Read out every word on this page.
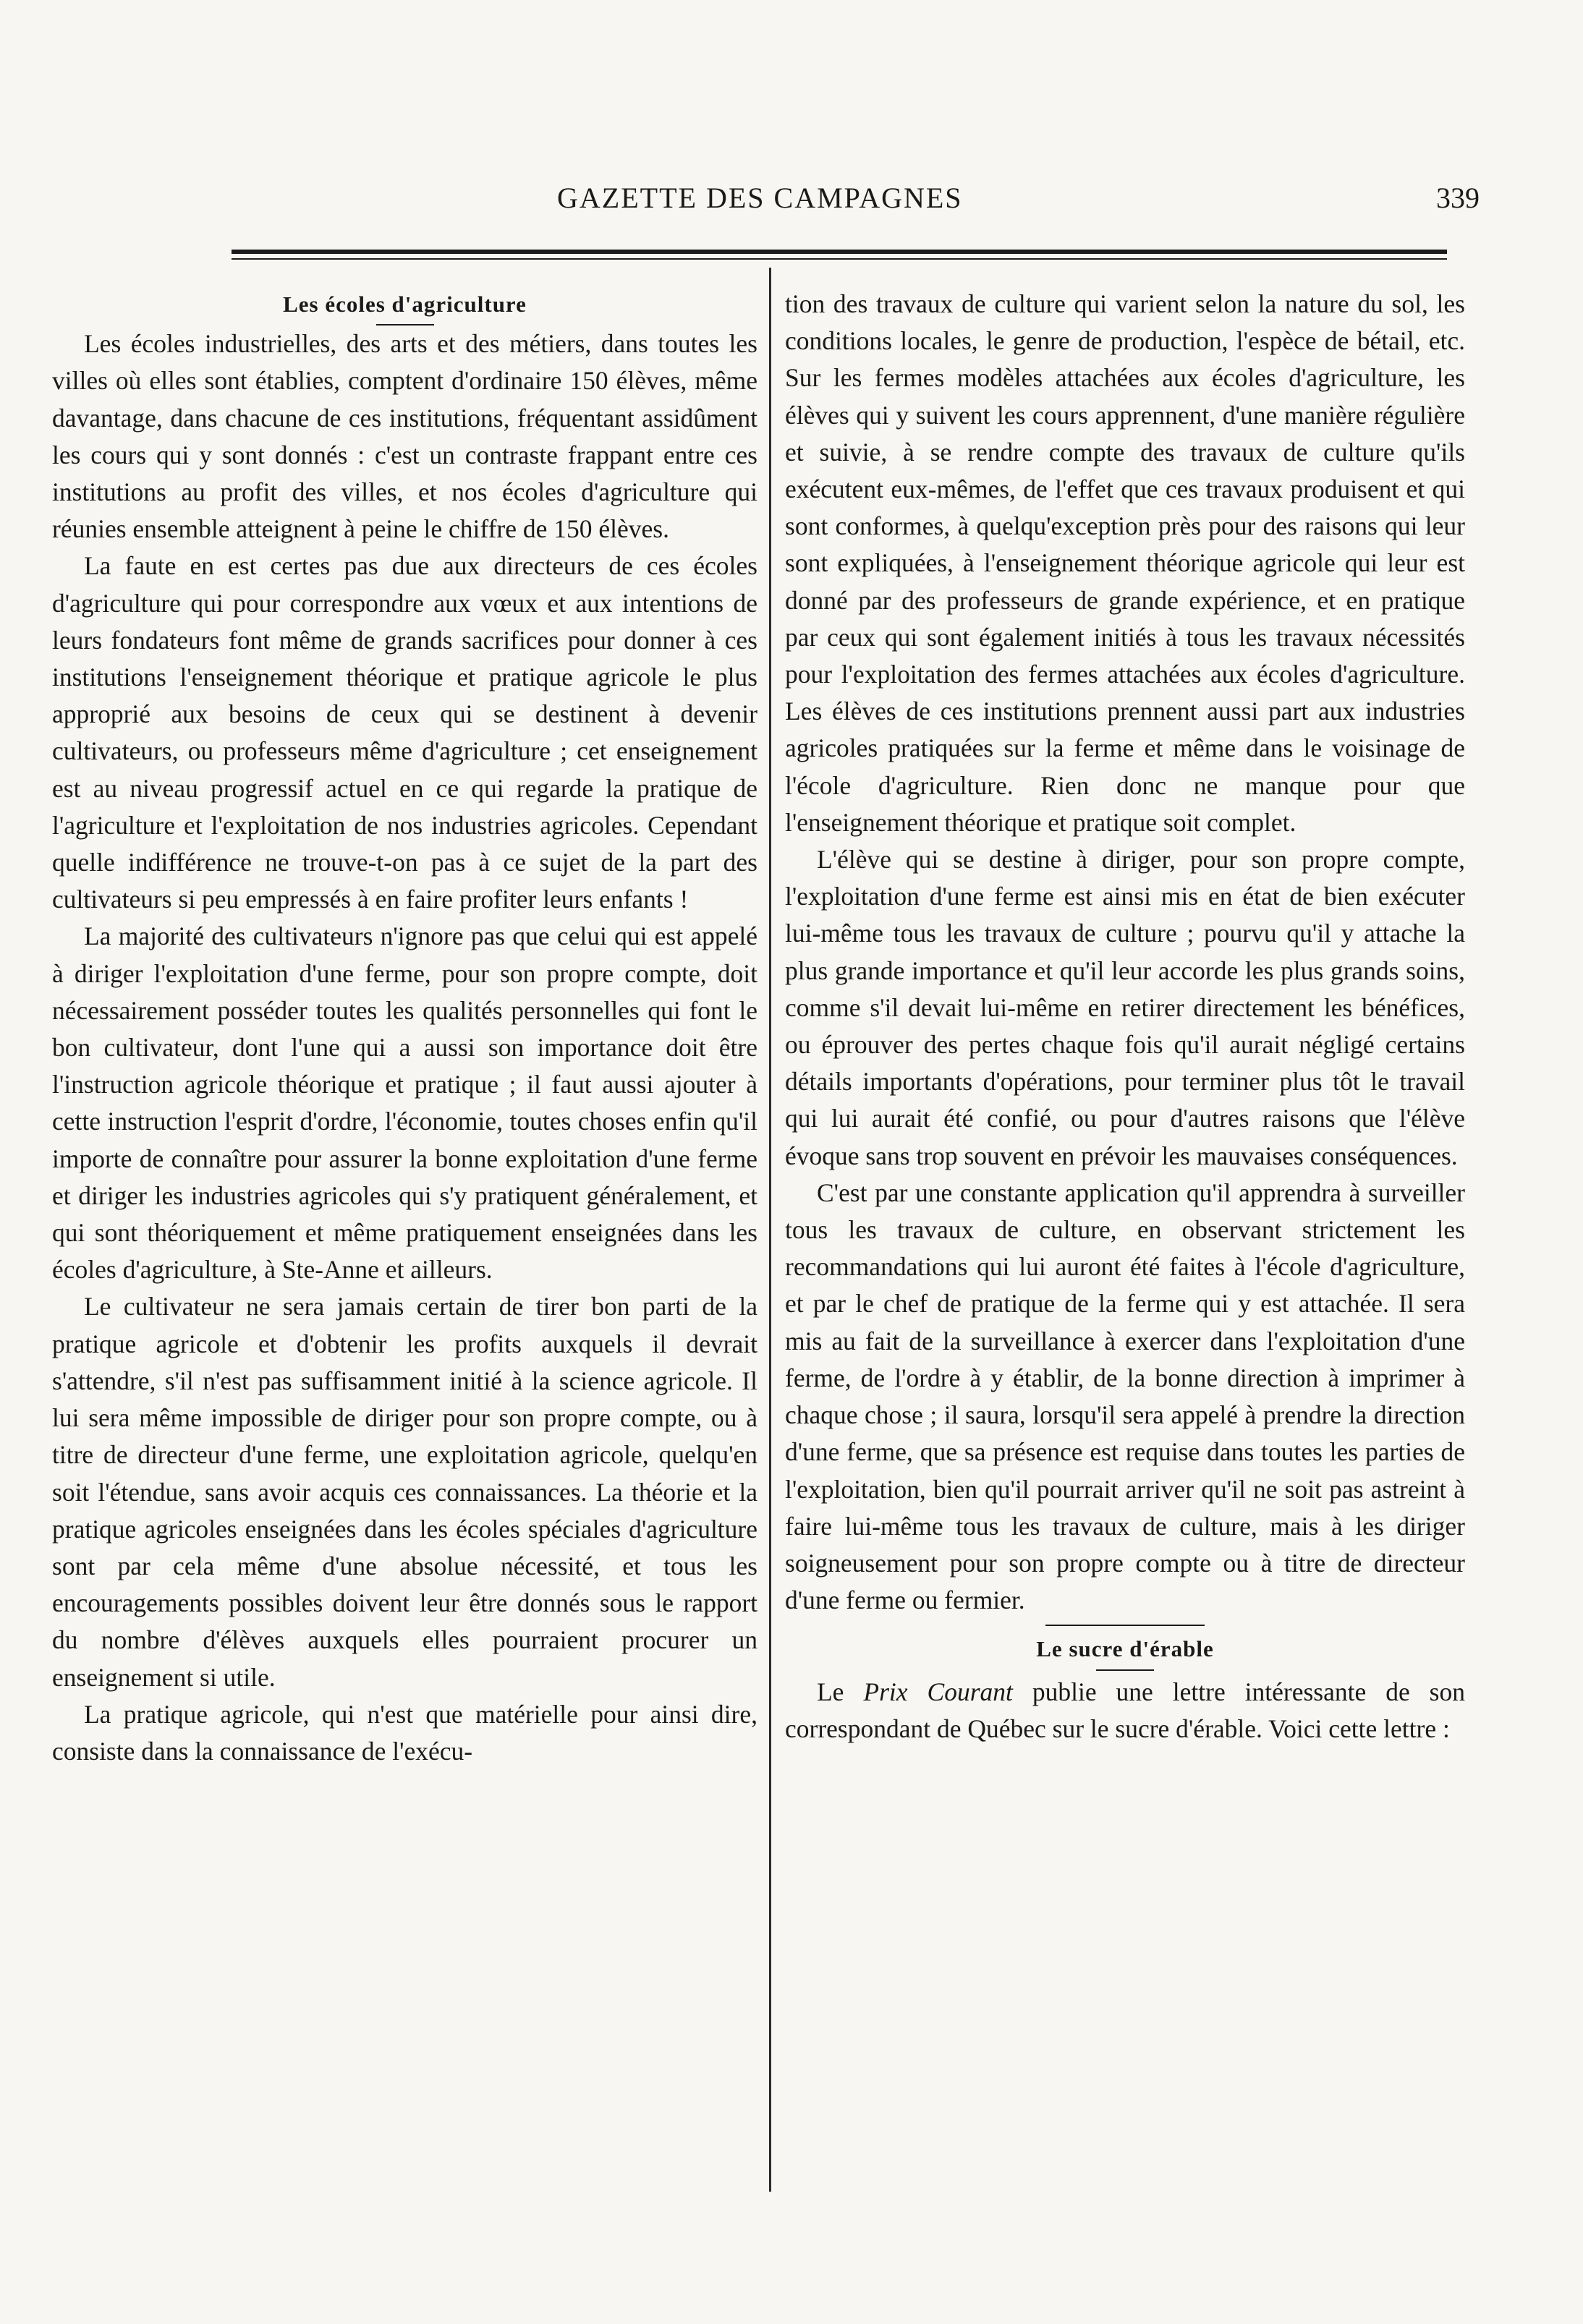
GAZETTE DES CAMPAGNES	339

Les écoles d'agriculture

Les écoles industrielles, des arts et des métiers, dans toutes les villes où elles sont établies, comptent d'ordinaire 150 élèves, même davantage, dans chacune de ces institutions, fréquentant assidûment les cours qui y sont donnés : c'est un contraste frappant entre ces institutions au profit des villes, et nos écoles d'agriculture qui réunies ensemble atteignent à peine le chiffre de 150 élèves.

La faute en est certes pas due aux directeurs de ces écoles d'agriculture qui pour correspondre aux vœux et aux intentions de leurs fondateurs font même de grands sacrifices pour donner à ces institutions l'enseignement théorique et pratique agricole le plus approprié aux besoins de ceux qui se destinent à devenir cultivateurs, ou professeurs même d'agriculture ; cet enseignement est au niveau progressif actuel en ce qui regarde la pratique de l'agriculture et l'exploitation de nos industries agricoles. Cependant quelle indifférence ne trouve-t-on pas à ce sujet de la part des cultivateurs si peu empressés à en faire profiter leurs enfants !

La majorité des cultivateurs n'ignore pas que celui qui est appelé à diriger l'exploitation d'une ferme, pour son propre compte, doit nécessairement posséder toutes les qualités personnelles qui font le bon cultivateur, dont l'une qui a aussi son importance doit être l'instruction agricole théorique et pratique ; il faut aussi ajouter à cette instruction l'esprit d'ordre, l'économie, toutes choses enfin qu'il importe de connaître pour assurer la bonne exploitation d'une ferme et diriger les industries agricoles qui s'y pratiquent généralement, et qui sont théoriquement et même pratiquement enseignées dans les écoles d'agriculture, à Ste-Anne et ailleurs.

Le cultivateur ne sera jamais certain de tirer bon parti de la pratique agricole et d'obtenir les profits auxquels il devrait s'attendre, s'il n'est pas suffisamment initié à la science agricole. Il lui sera même impossible de diriger pour son propre compte, ou à titre de directeur d'une ferme, une exploitation agricole, quelqu'en soit l'étendue, sans avoir acquis ces connaissances. La théorie et la pratique agricoles enseignées dans les écoles spéciales d'agriculture sont par cela même d'une absolue nécessité, et tous les encouragements possibles doivent leur être donnés sous le rapport du nombre d'élèves auxquels elles pourraient procurer un enseignement si utile.

La pratique agricole, qui n'est que matérielle pour ainsi dire, consiste dans la connaissance de l'exécu-

tion des travaux de culture qui varient selon la nature du sol, les conditions locales, le genre de production, l'espèce de bétail, etc. Sur les fermes modèles attachées aux écoles d'agriculture, les élèves qui y suivent les cours apprennent, d'une manière régulière et suivie, à se rendre compte des travaux de culture qu'ils exécutent eux-mêmes, de l'effet que ces travaux produisent et qui sont conformes, à quelqu'exception près pour des raisons qui leur sont expliquées, à l'enseignement théorique agricole qui leur est donné par des professeurs de grande expérience, et en pratique par ceux qui sont également initiés à tous les travaux nécessités pour l'exploitation des fermes attachées aux écoles d'agriculture. Les élèves de ces institutions prennent aussi part aux industries agricoles pratiquées sur la ferme et même dans le voisinage de l'école d'agriculture. Rien donc ne manque pour que l'enseignement théorique et pratique soit complet.

L'élève qui se destine à diriger, pour son propre compte, l'exploitation d'une ferme est ainsi mis en état de bien exécuter lui-même tous les travaux de culture ; pourvu qu'il y attache la plus grande importance et qu'il leur accorde les plus grands soins, comme s'il devait lui-même en retirer directement les bénéfices, ou éprouver des pertes chaque fois qu'il aurait négligé certains détails importants d'opérations, pour terminer plus tôt le travail qui lui aurait été confié, ou pour d'autres raisons que l'élève évoque sans trop souvent en prévoir les mauvaises conséquences.

C'est par une constante application qu'il apprendra à surveiller tous les travaux de culture, en observant strictement les recommandations qui lui auront été faites à l'école d'agriculture, et par le chef de pratique de la ferme qui y est attachée. Il sera mis au fait de la surveillance à exercer dans l'exploitation d'une ferme, de l'ordre à y établir, de la bonne direction à imprimer à chaque chose ; il saura, lorsqu'il sera appelé à prendre la direction d'une ferme, que sa présence est requise dans toutes les parties de l'exploitation, bien qu'il pourrait arriver qu'il ne soit pas astreint à faire lui-même tous les travaux de culture, mais à les diriger soigneusement pour son propre compte ou à titre de directeur d'une ferme ou fermier.

Le sucre d'érable

Le Prix Courant publie une lettre intéressante de son correspondant de Québec sur le sucre d'érable. Voici cette lettre :
